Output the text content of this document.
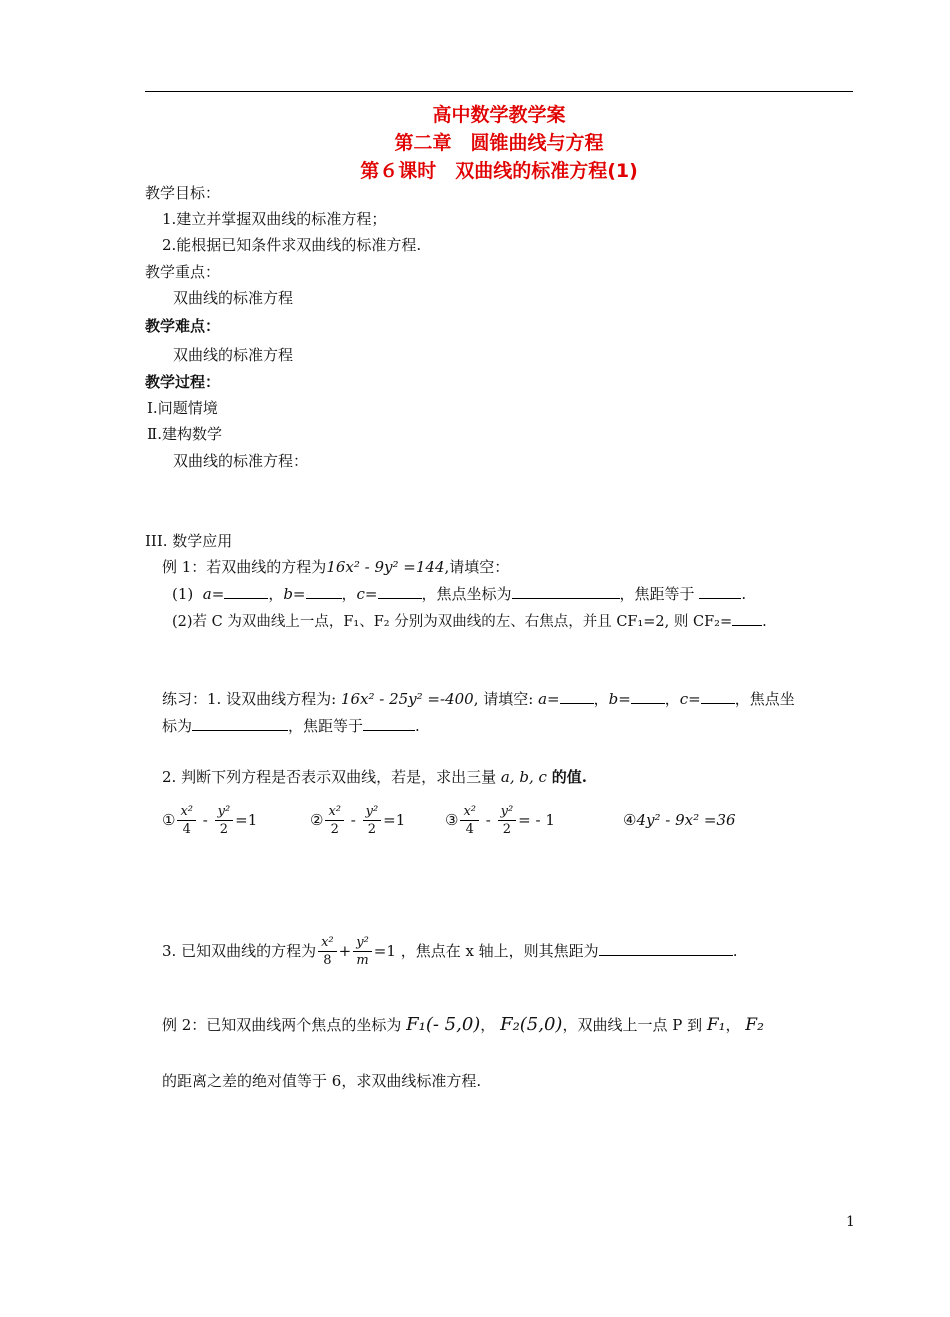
高中数学教学案
第二章　圆锥曲线与方程
第６课时　双曲线的标准方程(1)
教学目标：
1.建立并掌握双曲线的标准方程；
2.能根据已知条件求双曲线的标准方程.
教学重点：
双曲线的标准方程
教学难点：
双曲线的标准方程
教学过程：
Ⅰ.问题情境
Ⅱ.建构数学
双曲线的标准方程：
III. 数学应用
例 1：若双曲线的方程为16x² - 9y² =144,请填空：
(1) a=	，b= ，c=	，焦点坐标为	，焦距等于	.
(2)若 C 为双曲线上一点，F₁、F₂ 分别为双曲线的左、右焦点，并且 CF₁=2, 则 CF₂= .
练习：1. 设双曲线方程为: 16x² - 25y² =-400, 请填空: a= ，b= ，c= ，焦点坐
标为	，焦距等于	.
2. 判断下列方程是否表示双曲线，若是，求出三量 a, b, c 的值.
① $\frac{\text{x²}}{4} - \frac{\text{y²}}{2} =1$	② $\frac{\text{x²}}{2} - \frac{\text{y²}}{2} =1$	③ $\frac{\text{x²}}{4} - \frac{\text{y²}}{2}$ = - 1	④4y² - 9x² =36
3. 已知双曲线的方程为 $\frac{\text{x²}}{8} + \frac{\text{y²}}{m} =1$ ，焦点在 x 轴上，则其焦距为	.
例 2：已知双曲线两个焦点的坐标为 F₁(- 5,0)， F₂(5,0)，双曲线上一点 P 到 F₁， F₂
的距离之差的绝对值等于 6，求双曲线标准方程.
1
